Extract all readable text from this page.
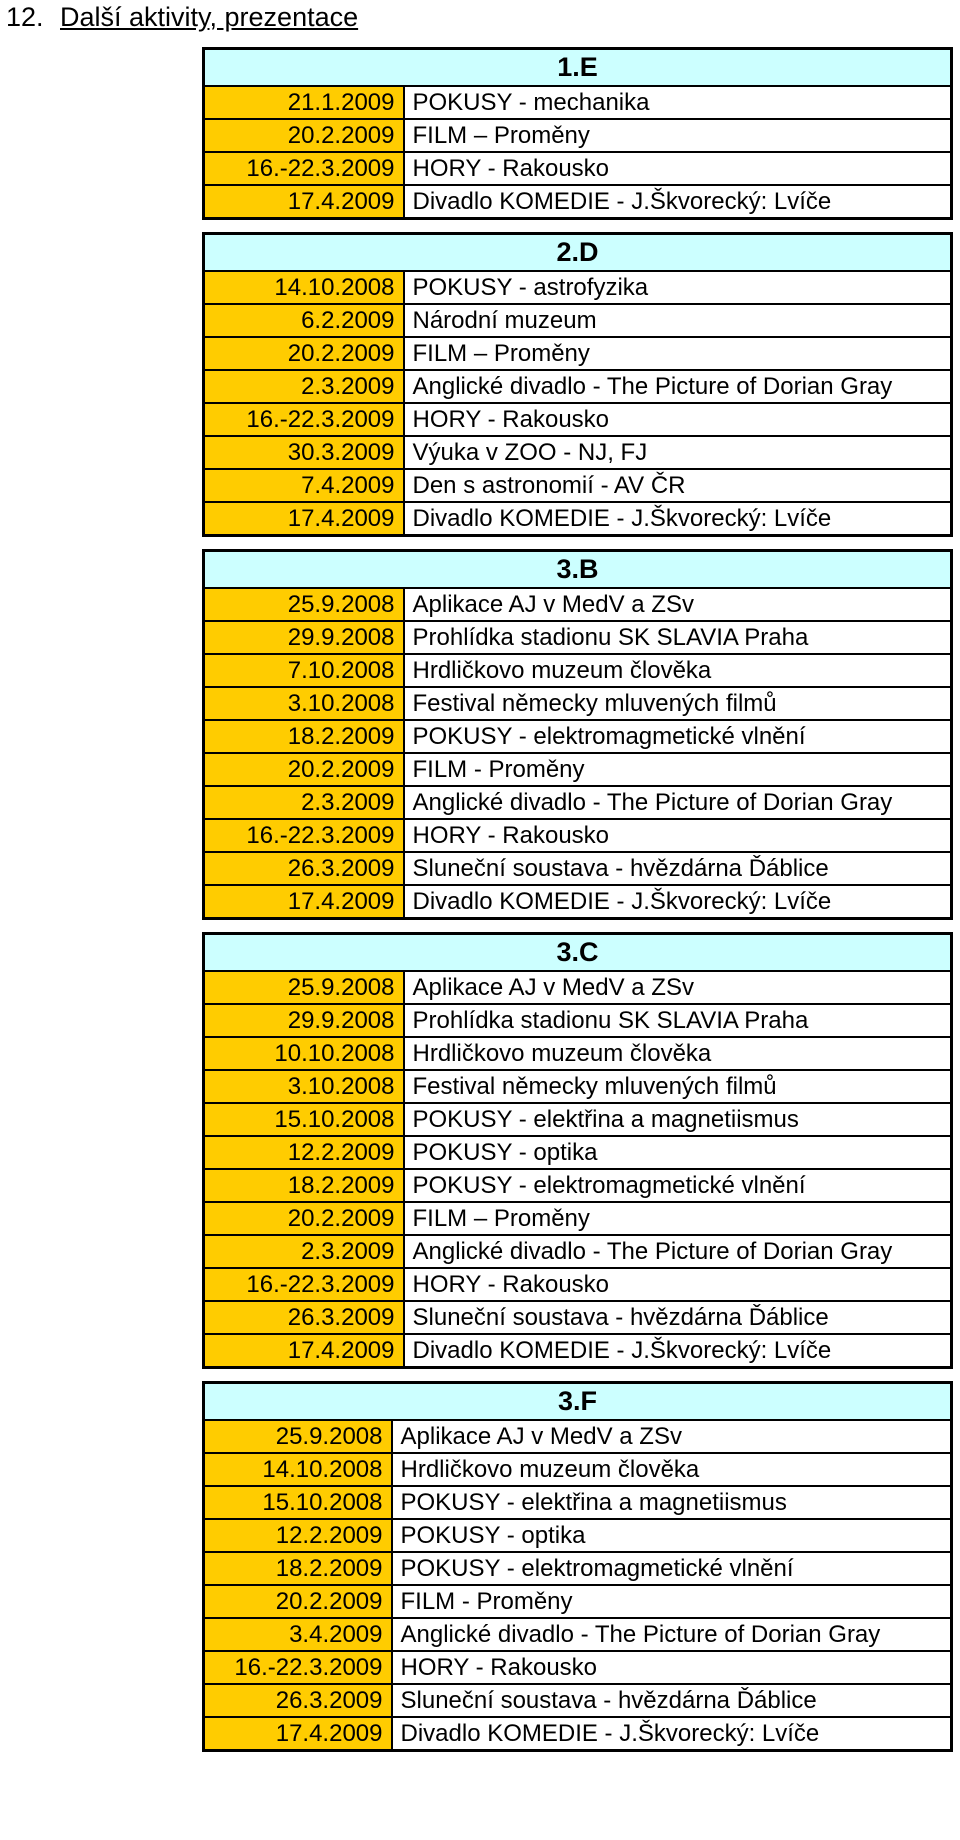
12. Další aktivity, prezentace
1.E	
21.1.2009	POKUSY - mechanika
20.2.2009	FILM – Proměny
16.-22.3.2009	HORY - Rakousko
17.4.2009	Divadlo KOMEDIE - J.Škvorecký: Lvíče
2.D	
14.10.2008	POKUSY - astrofyzika
6.2.2009	Národní muzeum
20.2.2009	FILM – Proměny
2.3.2009	Anglické divadlo - The Picture of Dorian Gray
16.-22.3.2009	HORY - Rakousko
30.3.2009	Výuka v ZOO - NJ, FJ
7.4.2009	Den s astronomií - AV ČR
17.4.2009	Divadlo KOMEDIE - J.Škvorecký: Lvíče
3.B	
25.9.2008	Aplikace AJ v MedV a ZSv
29.9.2008	Prohlídka stadionu SK SLAVIA Praha
7.10.2008	Hrdličkovo muzeum člověka
3.10.2008	Festival německy mluvených filmů
18.2.2009	POKUSY - elektromagmetické vlnění
20.2.2009	FILM - Proměny
2.3.2009	Anglické divadlo - The Picture of Dorian Gray
16.-22.3.2009	HORY - Rakousko
26.3.2009	Sluneční soustava - hvězdárna Ďáblice
17.4.2009	Divadlo KOMEDIE - J.Škvorecký: Lvíče
3.C	
25.9.2008	Aplikace AJ v MedV a ZSv
29.9.2008	Prohlídka stadionu SK SLAVIA Praha
10.10.2008	Hrdličkovo muzeum člověka
3.10.2008	Festival německy mluvených filmů
15.10.2008	POKUSY - elektřina a magnetiismus
12.2.2009	POKUSY - optika
18.2.2009	POKUSY - elektromagmetické vlnění
20.2.2009	FILM – Proměny
2.3.2009	Anglické divadlo - The Picture of Dorian Gray
16.-22.3.2009	HORY - Rakousko
26.3.2009	Sluneční soustava - hvězdárna Ďáblice
17.4.2009	Divadlo KOMEDIE - J.Škvorecký: Lvíče
3.F	
25.9.2008	Aplikace AJ v MedV a ZSv
14.10.2008	Hrdličkovo muzeum člověka
15.10.2008	POKUSY - elektřina a magnetiismus
12.2.2009	POKUSY - optika
18.2.2009	POKUSY - elektromagmetické vlnění
20.2.2009	FILM - Proměny
3.4.2009	Anglické divadlo - The Picture of Dorian Gray
16.-22.3.2009	HORY - Rakousko
26.3.2009	Sluneční soustava - hvězdárna Ďáblice
17.4.2009	Divadlo KOMEDIE - J.Škvorecký: Lvíče
